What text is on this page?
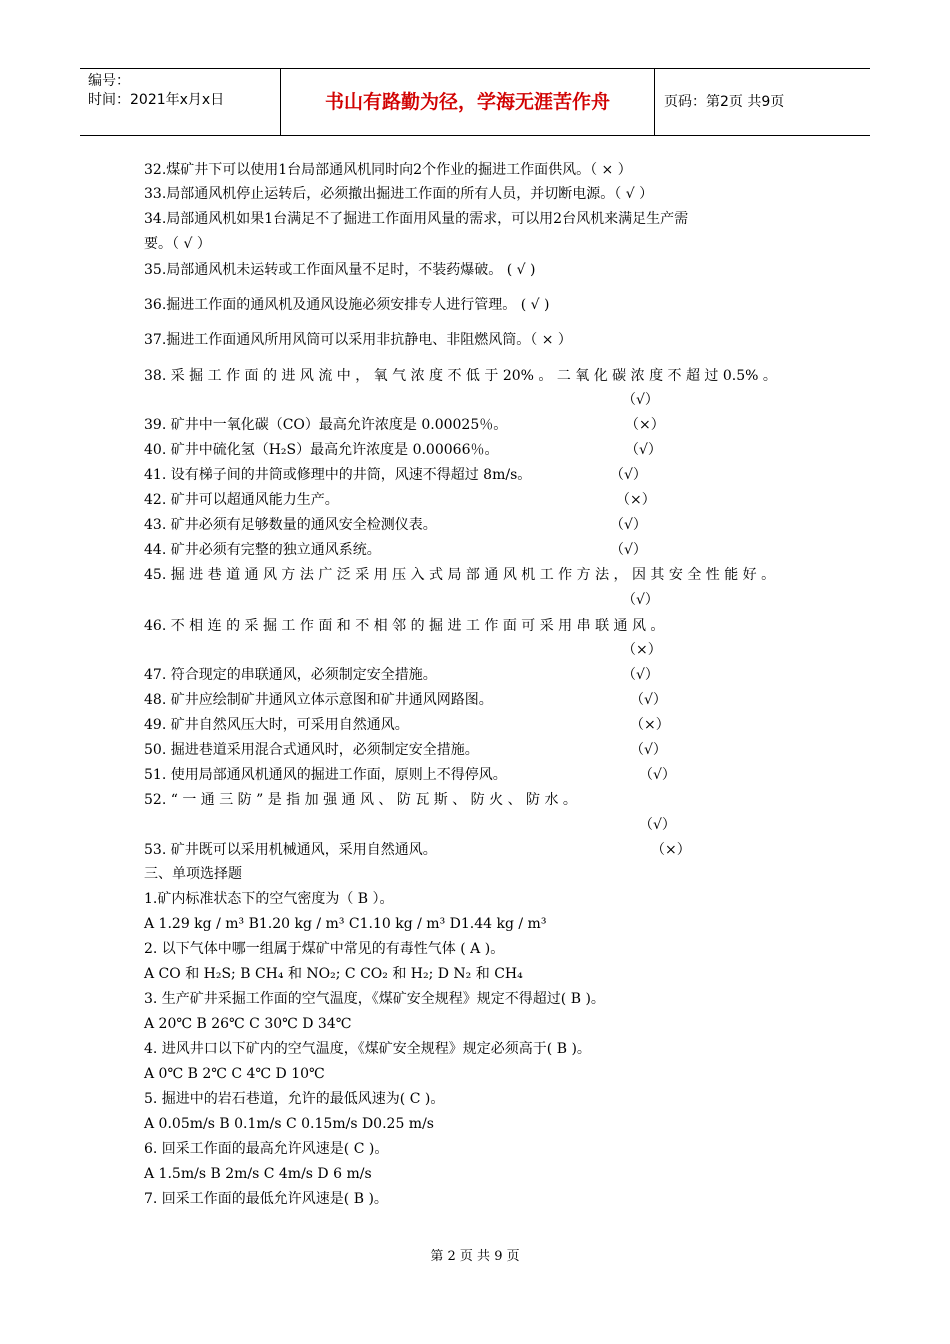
编号：
时间：2021年x月x日	书山有路勤为径，学海无涯苦作舟	页码：第2页 共9页
32.煤矿井下可以使用1台局部通风机同时向2个作业的掘进工作面供风。（ × ）
33.局部通风机停止运转后，必须撤出掘进工作面的所有人员，并切断电源。（ √ ）
34.局部通风机如果1台满足不了掘进工作面用风量的需求，可以用2台风机来满足生产需
要。（ √ ）
35.局部通风机未运转或工作面风量不足时，不装药爆破。 ( √ )
36.掘进工作面的通风机及通风设施必须安排专人进行管理。 ( √ )
37.掘进工作面通风所用风筒可以采用非抗静电、非阻燃风筒。（ × ）
38. 采 掘 工 作 面 的 进 风 流 中 ， 氧 气 浓 度 不 低 于 20% 。 二 氧 化 碳 浓 度 不 超 过 0.5% 。
（√）
39. 矿井中一氧化碳（CO）最高允许浓度是 0.00025％。	（×）
40. 矿井中硫化氢（H₂S）最高允许浓度是 0.00066％。	（√）
41. 设有梯子间的井筒或修理中的井筒，风速不得超过 8m/s。	（√）
42. 矿井可以超通风能力生产。	（×）
43. 矿井必须有足够数量的通风安全检测仪表。	（√）
44. 矿井必须有完整的独立通风系统。	（√）
45. 掘 进 巷 道 通 风 方 法 广 泛 采 用 压 入 式 局 部 通 风 机 工 作 方 法 ， 因 其 安 全 性 能 好 。
（√）
46. 不 相 连 的 采 掘 工 作 面 和 不 相 邻 的 掘 进 工 作 面 可 采 用 串 联 通 风 。
（×）
47. 符合现定的串联通风，必须制定安全措施。	（√）
48. 矿井应绘制矿井通风立体示意图和矿井通风网路图。	（√）
49. 矿井自然风压大时，可采用自然通风。	（×）
50. 掘进巷道采用混合式通风时，必须制定安全措施。	（√）
51. 使用局部通风机通风的掘进工作面，原则上不得停风。	（√）
52. “ 一 通 三 防 ” 是 指 加 强 通 风 、 防 瓦 斯 、 防 火 、 防 水 。
（√）
53. 矿井既可以采用机械通风，采用自然通风。	（×）
三、单项选择题
1.矿内标准状态下的空气密度为（ B ）。
A 1.29 kg / m³ B1.20 kg / m³ C1.10 kg / m³ D1.44 kg / m³
2. 以下气体中哪一组属于煤矿中常见的有毒性气体 ( A )。
A CO 和 H₂S; B CH₄ 和 NO₂; C CO₂ 和 H₂; D N₂ 和 CH₄
3. 生产矿井采掘工作面的空气温度，《煤矿安全规程》规定不得超过( B )。
A 20℃ B 26℃ C 30℃ D 34℃
4. 进风井口以下矿内的空气温度，《煤矿安全规程》规定必须高于( B )。
A 0℃ B 2℃ C 4℃ D 10℃
5. 掘进中的岩石巷道，允许的最低风速为( C )。
A 0.05m/s B 0.1m/s C 0.15m/s D0.25 m/s
6. 回采工作面的最高允许风速是( C )。
A 1.5m/s B 2m/s C 4m/s D 6 m/s
7. 回采工作面的最低允许风速是( B )。
第 2 页 共 9 页
